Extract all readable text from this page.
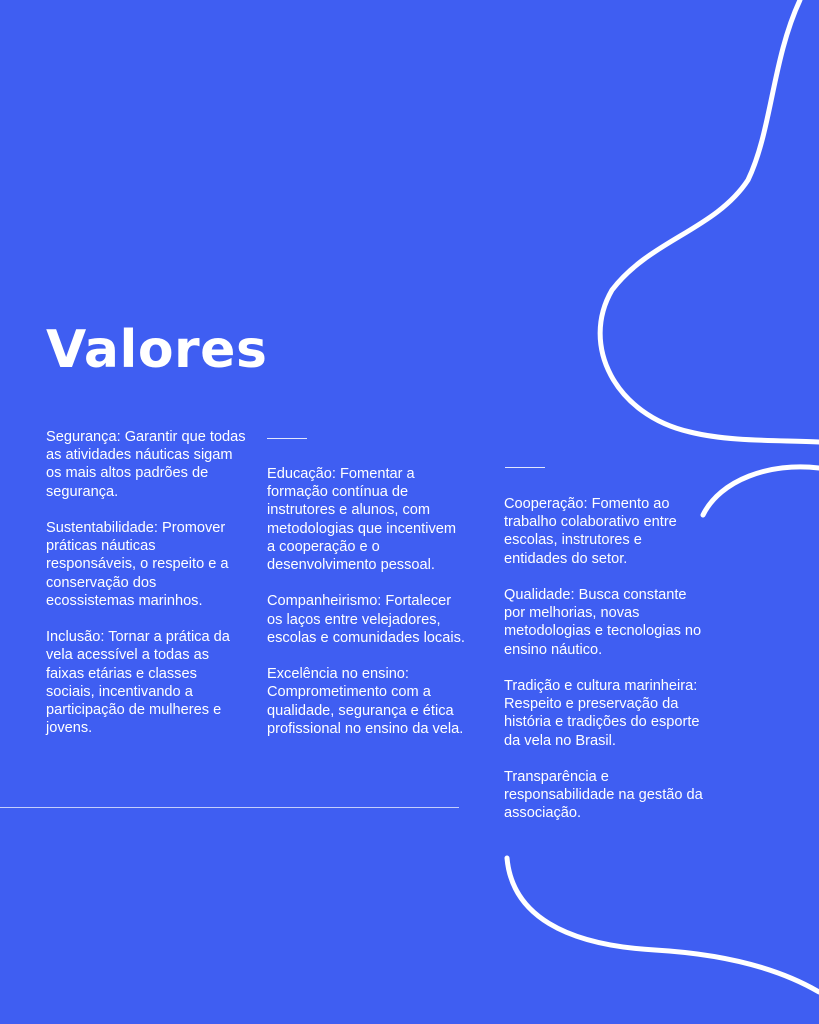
Valores

Segurança: Garantir que todas as atividades náuticas sigam os mais altos padrões de segurança.

Sustentabilidade: Promover práticas náuticas responsáveis, o respeito e a conservação dos ecossistemas marinhos.

Inclusão: Tornar a prática da vela acessível a todas as faixas etárias e classes sociais, incentivando a participação de mulheres e jovens.

Educação: Fomentar a formação contínua de instrutores e alunos, com metodologias que incentivem a cooperação e o desenvolvimento pessoal.

Companheirismo: Fortalecer os laços entre velejadores, escolas e comunidades locais.

Excelência no ensino: Comprometimento com a qualidade, segurança e ética profissional no ensino da vela.

Cooperação: Fomento ao trabalho colaborativo entre escolas, instrutores e entidades do setor.

Qualidade: Busca constante por melhorias, novas metodologias e tecnologias no ensino náutico.

Tradição e cultura marinheira: Respeito e preservação da história e tradições do esporte da vela no Brasil.

Transparência e responsabilidade na gestão da associação.
